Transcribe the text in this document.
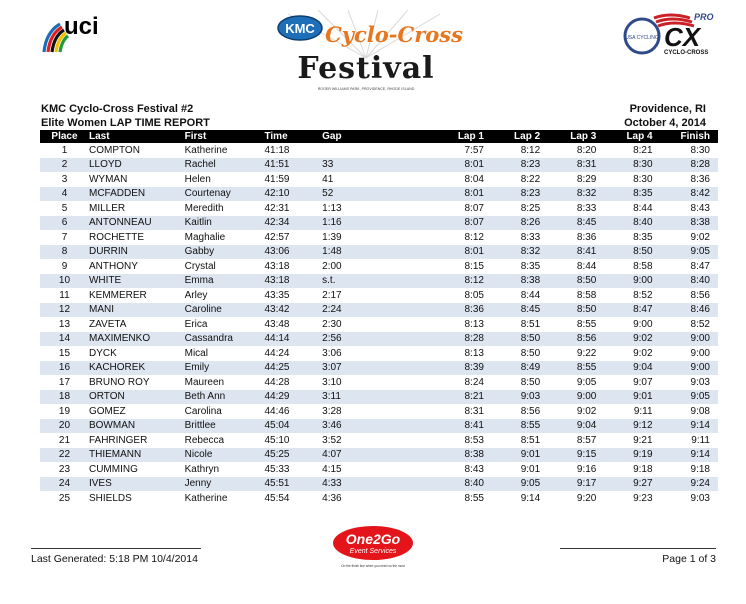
uci	KMC Cyclo-Cross
Festival
ROGER WILLIAMS PARK, PROVIDENCE, RHODE ISLAND
USA CYCLING
PRO
CX
CYCLO-CROSS
KMC Cyclo-Cross Festival #2
Elite Women LAP TIME REPORT
Providence, RI
October 4, 2014
Place	Last	First	Time	Gap	Lap 1	Lap 2	Lap 3	Lap 4	Finish
1	COMPTON	Katherine	41:18		7:57	8:12	8:20	8:21	8:30
2	LLOYD	Rachel	41:51	33	8:01	8:23	8:31	8:30	8:28
3	WYMAN	Helen	41:59	41	8:04	8:22	8:29	8:30	8:36
4	MCFADDEN	Courtenay	42:10	52	8:01	8:23	8:32	8:35	8:42
5	MILLER	Meredith	42:31	1:13	8:07	8:25	8:33	8:44	8:43
6	ANTONNEAU	Kaitlin	42:34	1:16	8:07	8:26	8:45	8:40	8:38
7	ROCHETTE	Maghalie	42:57	1:39	8:12	8:33	8:36	8:35	9:02
8	DURRIN	Gabby	43:06	1:48	8:01	8:32	8:41	8:50	9:05
9	ANTHONY	Crystal	43:18	2:00	8:15	8:35	8:44	8:58	8:47
10	WHITE	Emma	43:18	s.t.	8:12	8:38	8:50	9:00	8:40
11	KEMMERER	Arley	43:35	2:17	8:05	8:44	8:58	8:52	8:56
12	MANI	Caroline	43:42	2:24	8:36	8:45	8:50	8:47	8:46
13	ZAVETA	Erica	43:48	2:30	8:13	8:51	8:55	9:00	8:52
14	MAXIMENKO	Cassandra	44:14	2:56	8:28	8:50	8:56	9:02	9:00
15	DYCK	Mical	44:24	3:06	8:13	8:50	9:22	9:02	9:00
16	KACHOREK	Emily	44:25	3:07	8:39	8:49	8:55	9:04	9:00
17	BRUNO ROY	Maureen	44:28	3:10	8:24	8:50	9:05	9:07	9:03
18	ORTON	Beth Ann	44:29	3:11	8:21	9:03	9:00	9:01	9:05
19	GOMEZ	Carolina	44:46	3:28	8:31	8:56	9:02	9:11	9:08
20	BOWMAN	Brittlee	45:04	3:46	8:41	8:55	9:04	9:12	9:14
21	FAHRINGER	Rebecca	45:10	3:52	8:53	8:51	8:57	9:21	9:11
22	THIEMANN	Nicole	45:25	4:07	8:38	9:01	9:15	9:19	9:14
23	CUMMING	Kathryn	45:33	4:15	8:43	9:01	9:16	9:18	9:18
24	IVES	Jenny	45:51	4:33	8:40	9:05	9:17	9:27	9:24
25	SHIELDS	Katherine	45:54	4:36	8:55	9:14	9:20	9:23	9:03
One2Go
Event Services
On the finish line when you need us the most
Last Generated: 5:18 PM 10/4/2014	Page 1 of 3
